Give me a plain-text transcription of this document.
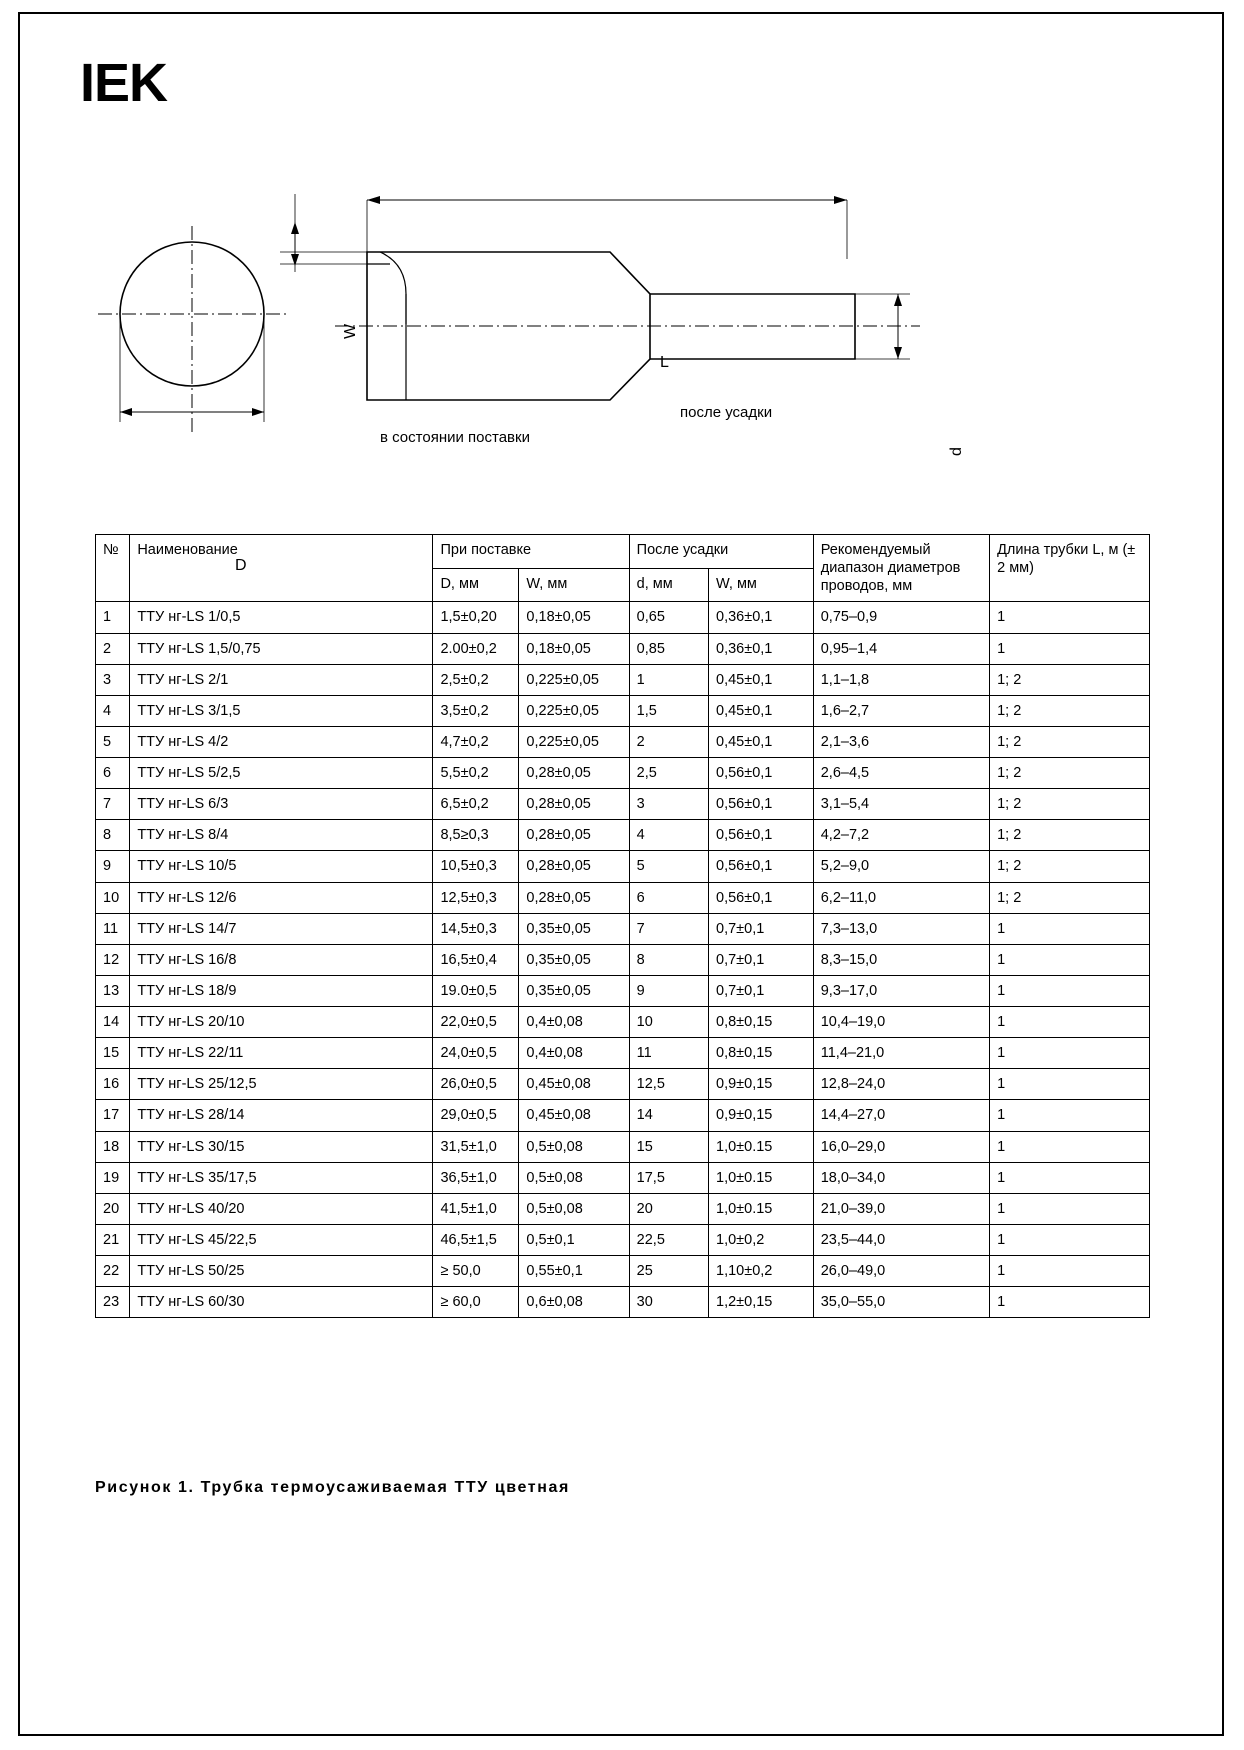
IEK
L
W
D
d
в состоянии поставки
после усадки
№	Наименование	При поставке		После усадки		Рекомендуемый диапазон диаметров проводов, мм	Длина трубки L, м (± 2 мм)
		D, мм	W, мм	d, мм	W, мм		
1	ТТУ нг-LS 1/0,5	1,5±0,20	0,18±0,05	0,65	0,36±0,1	0,75–0,9	1
2	ТТУ нг-LS 1,5/0,75	2.00±0,2	0,18±0,05	0,85	0,36±0,1	0,95–1,4	1
3	ТТУ нг-LS 2/1	2,5±0,2	0,225±0,05	1	0,45±0,1	1,1–1,8	1; 2
4	ТТУ нг-LS 3/1,5	3,5±0,2	0,225±0,05	1,5	0,45±0,1	1,6–2,7	1; 2
5	ТТУ нг-LS 4/2	4,7±0,2	0,225±0,05	2	0,45±0,1	2,1–3,6	1; 2
6	ТТУ нг-LS 5/2,5	5,5±0,2	0,28±0,05	2,5	0,56±0,1	2,6–4,5	1; 2
7	ТТУ нг-LS 6/3	6,5±0,2	0,28±0,05	3	0,56±0,1	3,1–5,4	1; 2
8	ТТУ нг-LS 8/4	8,5≥0,3	0,28±0,05	4	0,56±0,1	4,2–7,2	1; 2
9	ТТУ нг-LS 10/5	10,5±0,3	0,28±0,05	5	0,56±0,1	5,2–9,0	1; 2
10	ТТУ нг-LS 12/6	12,5±0,3	0,28±0,05	6	0,56±0,1	6,2–11,0	1; 2
11	ТТУ нг-LS 14/7	14,5±0,3	0,35±0,05	7	0,7±0,1	7,3–13,0	1
12	ТТУ нг-LS 16/8	16,5±0,4	0,35±0,05	8	0,7±0,1	8,3–15,0	1
13	ТТУ нг-LS 18/9	19.0±0,5	0,35±0,05	9	0,7±0,1	9,3–17,0	1
14	ТТУ нг-LS 20/10	22,0±0,5	0,4±0,08	10	0,8±0,15	10,4–19,0	1
15	ТТУ нг-LS 22/11	24,0±0,5	0,4±0,08	11	0,8±0,15	11,4–21,0	1
16	ТТУ нг-LS 25/12,5	26,0±0,5	0,45±0,08	12,5	0,9±0,15	12,8–24,0	1
17	ТТУ нг-LS 28/14	29,0±0,5	0,45±0,08	14	0,9±0,15	14,4–27,0	1
18	ТТУ нг-LS 30/15	31,5±1,0	0,5±0,08	15	1,0±0.15	16,0–29,0	1
19	ТТУ нг-LS 35/17,5	36,5±1,0	0,5±0,08	17,5	1,0±0.15	18,0–34,0	1
20	ТТУ нг-LS 40/20	41,5±1,0	0,5±0,08	20	1,0±0.15	21,0–39,0	1
21	ТТУ нг-LS 45/22,5	46,5±1,5	0,5±0,1	22,5	1,0±0,2	23,5–44,0	1
22	ТТУ нг-LS 50/25	≥ 50,0	0,55±0,1	25	1,10±0,2	26,0–49,0	1
23	ТТУ нг-LS 60/30	≥ 60,0	0,6±0,08	30	1,2±0,15	35,0–55,0	1
Рисунок 1. Трубка термоусаживаемая ТТУ цветная
